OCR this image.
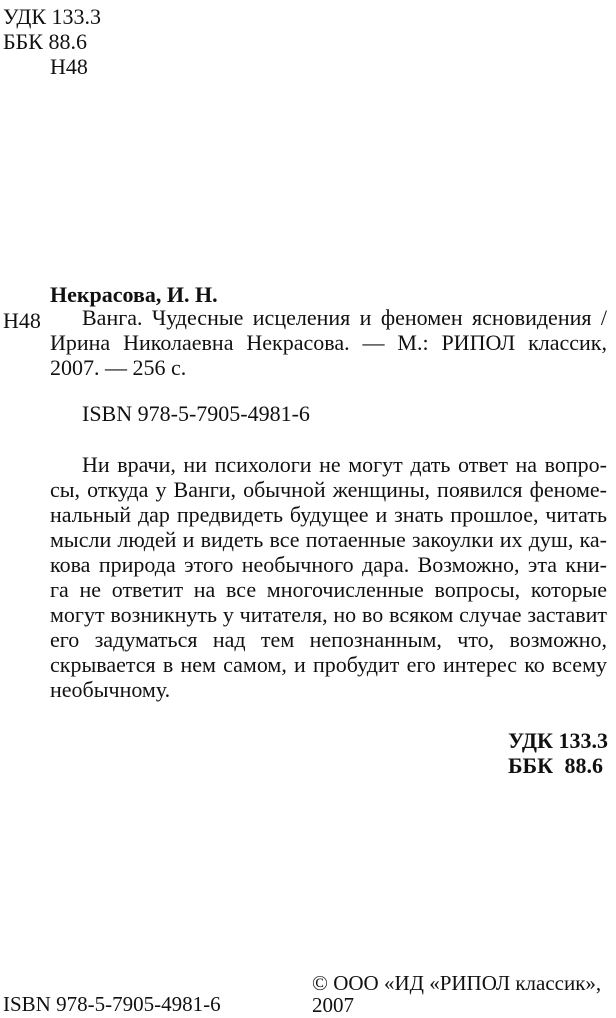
УДК 133.3
ББК 88.6
Н48
Некрасова, И. Н.
Н48 Ванга. Чудесные исцеления и феномен ясновидения /
Ирина Николаевна Некрасова. — М.: РИПОЛ классик,
2007. — 256 с.
ISBN 978-5-7905-4981-6
Ни врачи, ни психологи не могут дать ответ на вопро-
сы, откуда у Ванги, обычной женщины, появился феноме-
нальный дар предвидеть будущее и знать прошлое, читать
мысли людей и видеть все потаенные закоулки их душ, ка-
кова природа этого необычного дара. Возможно, эта кни-
га не ответит на все многочисленные вопросы, которые
могут возникнуть у читателя, но во всяком случае заставит
его задуматься над тем непознанным, что, возможно,
скрывается в нем самом, и пробудит его интерес ко всему
необычному.
УДК 133.3
ББК 88.6
© ООО «ИД «РИПОЛ классик»,
ISBN 978-5-7905-4981-6	2007
